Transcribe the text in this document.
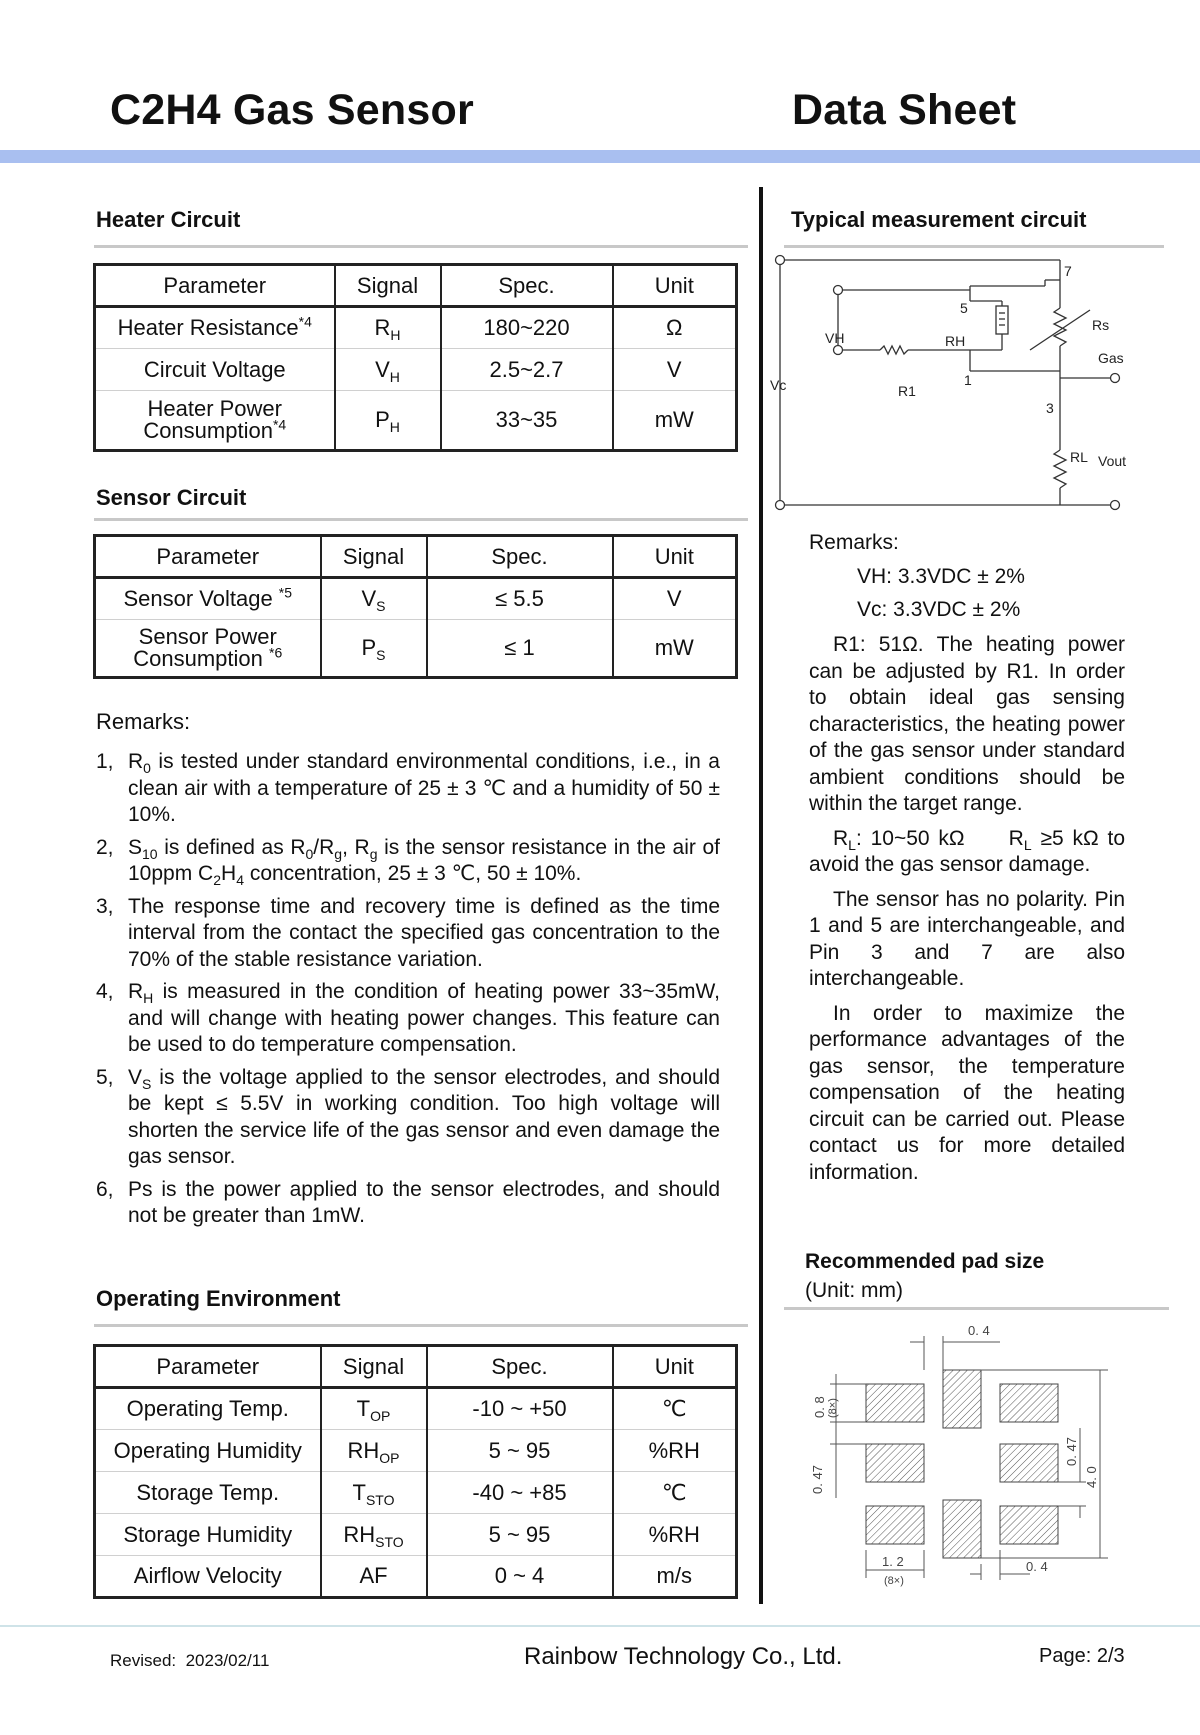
C2H4 Gas Sensor	Data Sheet
Heater Circuit
Parameter	Signal	Spec.	Unit
Heater Resistance$^{*4}$	$R_H$	180~220	Ω
Circuit Voltage	$V_H$	2.5~2.7	V
Heater Power
Consumption$^{*4}$	$P_H$	33~35	mW
Sensor Circuit
Parameter	Signal	Spec.	Unit
Sensor Voltage $^{*5}$	$V_S$	≤ 5.5	V
Sensor Power
Consumption $^{*6}$	$P_S$	≤ 1	mW
Remarks:
1, $R_0$ is tested under standard environmental conditions, i.e., in a clean air with a temperature of 25 ± 3 ℃ and a humidity of 50 ± 10%.
2, $S_{10}$ is defined as $R_0/R_g$, $R_g$ is the sensor resistance in the air of 10ppm $C_2H_4$ concentration, 25 ± 3 ℃, 50 ± 10%.
3, The response time and recovery time is defined as the time interval from the contact the specified gas concentration to the 70% of the stable resistance variation.
4, $R_H$ is measured in the condition of heating power 33~35mW, and will change with heating power changes. This feature can be used to do temperature compensation.
5, $V_S$ is the voltage applied to the sensor electrodes, and should be kept ≤ 5.5V in working condition. Too high voltage will shorten the service life of the gas sensor and even damage the gas sensor.
6, Ps is the power applied to the sensor electrodes, and should not be greater than 1mW.
Operating Environment
Parameter	Signal	Spec.	Unit
Operating Temp.	$T_{OP}$	-10 ~ +50	℃
Operating Humidity	$RH_{OP}$	5 ~ 95	%RH
Storage Temp.	$T_{STO}$	-40 ~ +85	℃
Storage Humidity	$RH_{STO}$	5 ~ 95	%RH
Airflow Velocity	AF	0 ~ 4	m/s
Typical measurement circuit
Vc
VH
R1
RH
Rs
Gas
RL Vout
5
1
7
3
Remarks:
VH: 3.3VDC ± 2%
Vc: 3.3VDC ± 2%

R1: 51Ω. The heating power can be adjusted by R1. In order to obtain ideal gas sensing characteristics, the heating power of the gas sensor under standard ambient conditions should be within the target range.

$R_L$: 10~50 kΩ     $R_L \ge 5$ kΩ to avoid the gas sensor damage.

The sensor has no polarity. Pin 1 and 5 are interchangeable, and Pin 3 and 7 are also interchangeable.

In order to maximize the performance advantages of the gas sensor, the temperature compensation of the heating circuit can be carried out. Please contact us for more detailed information.

Recommended pad size
(Unit: mm)
0. 4
0. 8 (8×)
0. 47
0. 47
4. 0
1. 2
(8×)
0. 4
Revised: 2023/02/11	Rainbow Technology Co., Ltd.	Page: 2/3
